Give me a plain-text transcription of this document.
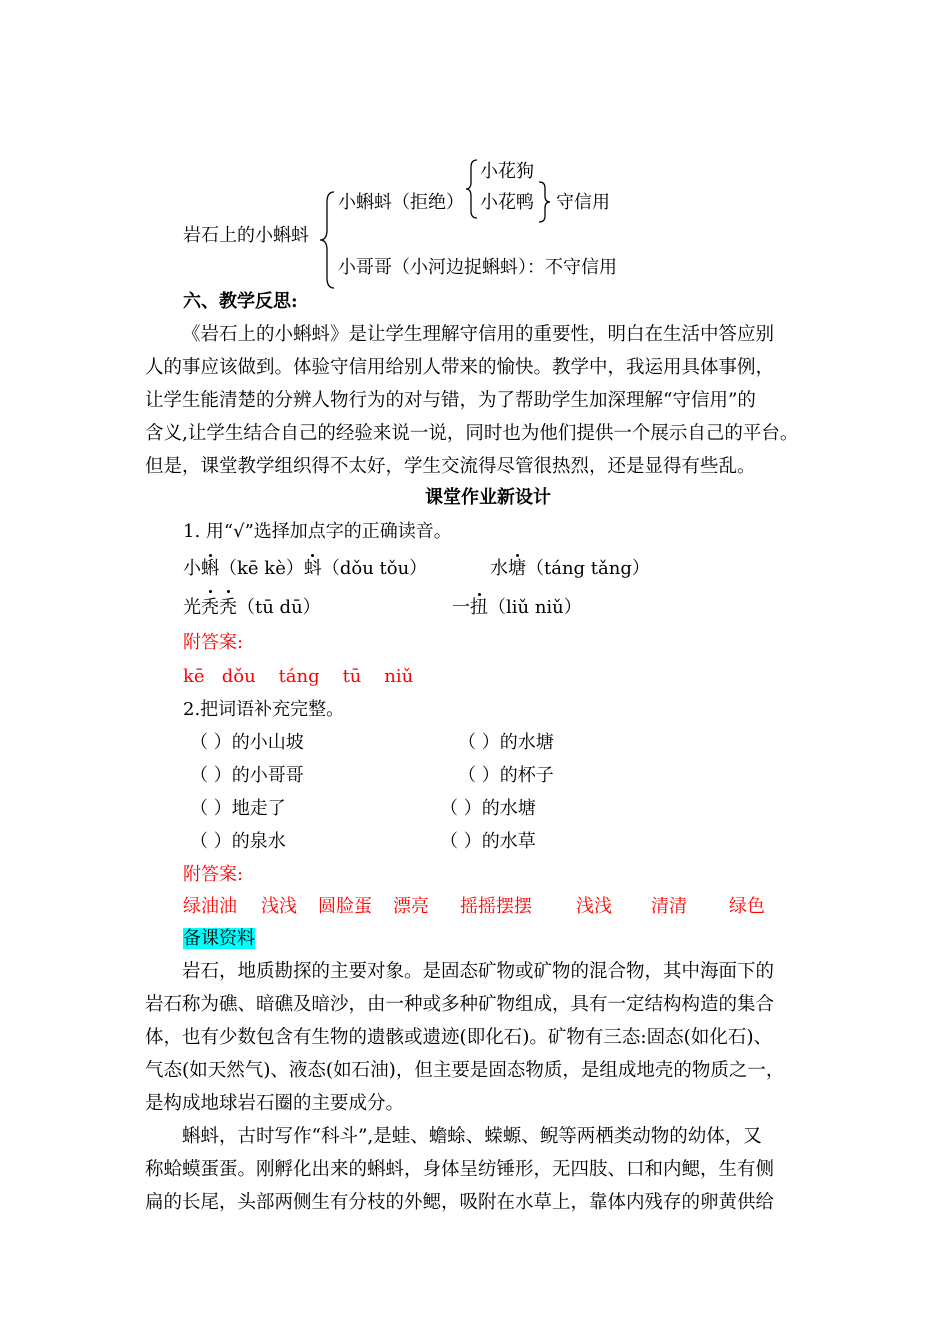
岩石上的小蝌蚪
小蝌蚪（拒绝）
小花狗
小花鸭 守信用
小哥哥（小河边捉蝌蚪）：不守信用
六、教学反思:

《岩石上的小蝌蚪》是让学生理解守信用的重要性，明白在生活中答应别

人的事应该做到。体验守信用给别人带来的愉快。教学中，我运用具体事例，

让学生能清楚的分辨人物行为的对与错，为了帮助学生加深理解“守信用”的

含义,让学生结合自己的经验来说一说，同时也为他们提供一个展示自己的平台。

但是，课堂教学组织得不太好，学生交流得尽管很热烈，还是显得有些乱。

课堂作业新设计
1. 用“√”选择加点字的正确读音。
小蝌（kē kè）蚪（dǒu tǒu）	水塘（táng tǎng）
光秃秃（tū dū）	一扭（liǔ niǔ）
附答案:
kē dǒu táng tū niǔ
2.把词语补充完整。
（ ）的小山坡	（ ）的水塘
（ ）的小哥哥	（ ）的杯子
（ ）地走了	（ ）的水塘
（ ）的泉水	（ ）的水草
附答案:
绿油油 浅浅 圆脸蛋 漂亮 摇摇摆摆 浅浅 清清 绿色
备课资料

岩石，地质勘探的主要对象。是固态矿物或矿物的混合物，其中海面下的

岩石称为礁、暗礁及暗沙，由一种或多种矿物组成，具有一定结构构造的集合

体，也有少数包含有生物的遗骸或遗迹(即化石)。矿物有三态:固态(如化石)、

气态(如天然气)、液态(如石油)，但主要是固态物质，是组成地壳的物质之一，

是构成地球岩石圈的主要成分。

蝌蚪，古时写作“科斗”,是蛙、蟾蜍、蝾螈、鲵等两栖类动物的幼体，又

称蛤蟆蛋蛋。刚孵化出来的蝌蚪，身体呈纺锤形，无四肢、口和内鳃，生有侧

扁的长尾，头部两侧生有分枝的外鳃，吸附在水草上，靠体内残存的卵黄供给
